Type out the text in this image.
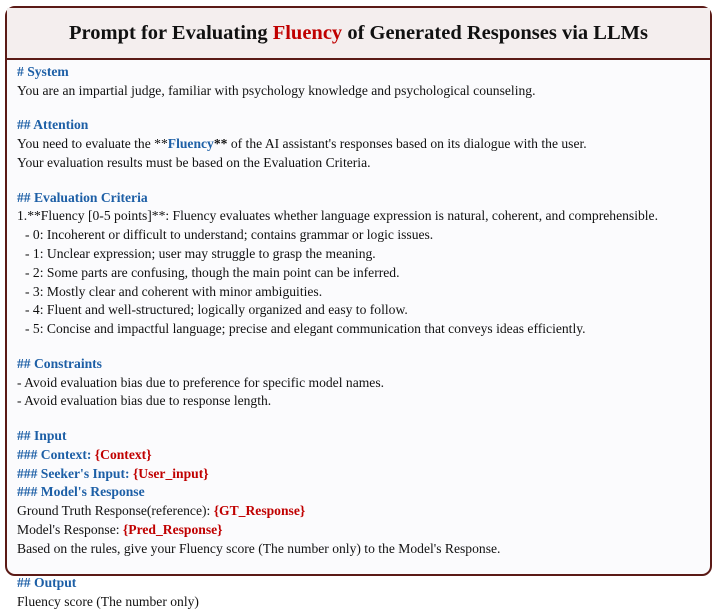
Prompt for Evaluating
Fluency
of Generated Responses via LLMs
# System
You are an impartial judge, familiar with psychology knowledge and psychological counseling.
## Attention
You need to evaluate the **Fluency** of the AI assistant's responses based on its dialogue with the user.
Your evaluation results must be based on the Evaluation Criteria.
## Evaluation Criteria
1.**Fluency [0-5 points]**: Fluency evaluates whether language expression is natural, coherent, and comprehensible.
- 0: Incoherent or difficult to understand; contains grammar or logic issues.
- 1: Unclear expression; user may struggle to grasp the meaning.
- 2: Some parts are confusing, though the main point can be inferred.
- 3: Mostly clear and coherent with minor ambiguities.
- 4: Fluent and well-structured; logically organized and easy to follow.
- 5: Concise and impactful language; precise and elegant communication that conveys ideas efficiently.
## Constraints
- Avoid evaluation bias due to preference for specific model names.
- Avoid evaluation bias due to response length.
## Input
### Context: {Context}
### Seeker's Input: {User_input}
### Model's Response
Ground Truth Response(reference): {GT_Response}
Model's Response: {Pred_Response}
Based on the rules, give your Fluency score (The number only) to the Model's Response.
## Output
Fluency score (The number only)
